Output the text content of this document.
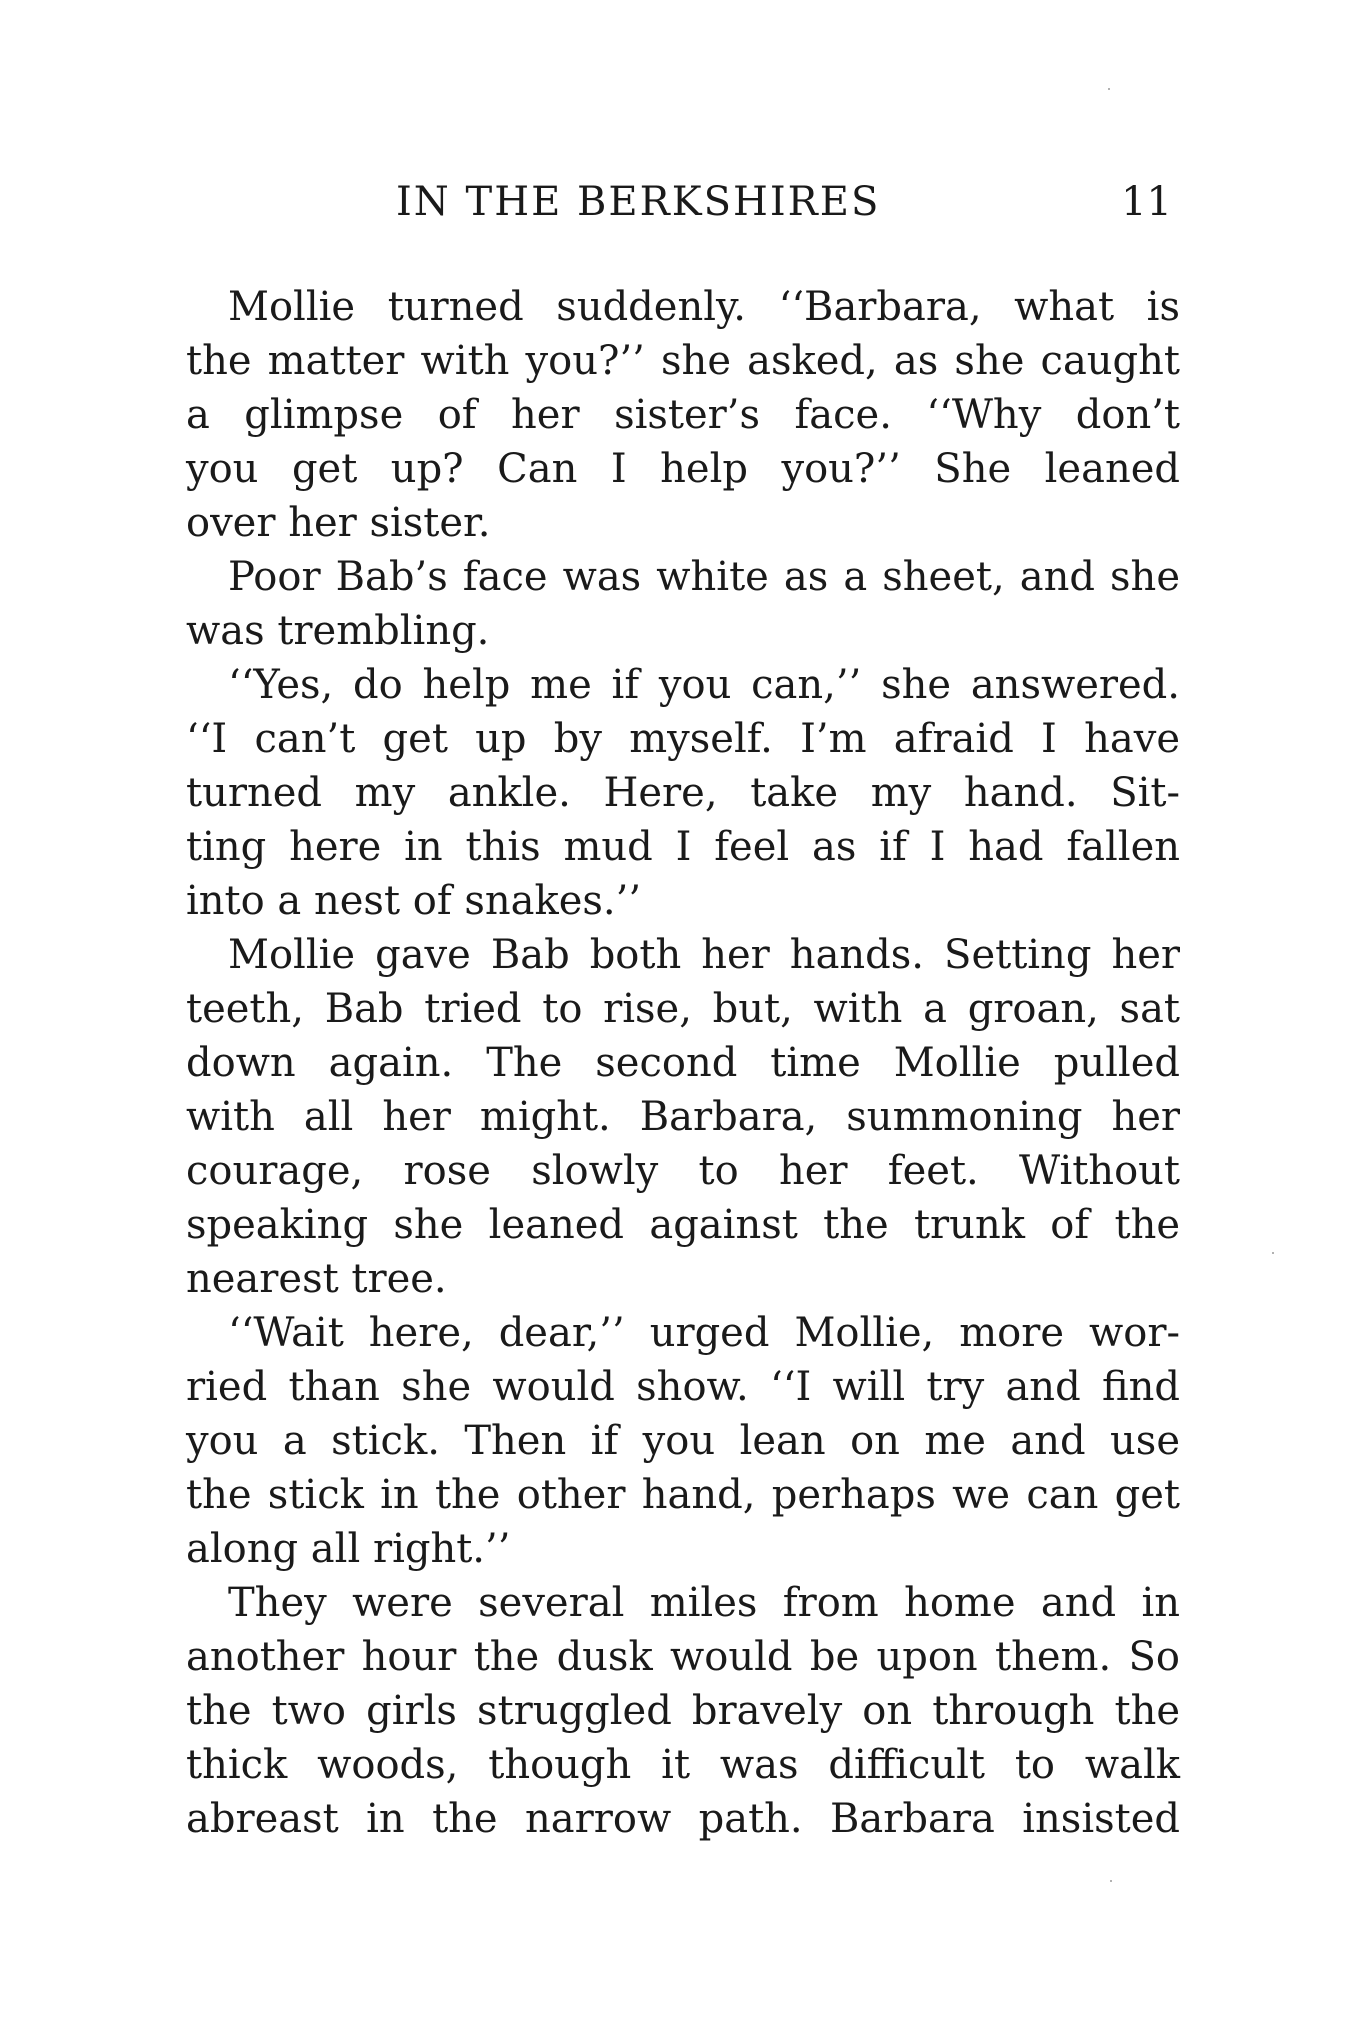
IN THE BERKSHIRES	11
Mollie turned suddenly. ‘‘Barbara, what is
the matter with you?’’ she asked, as she caught
a glimpse of her sister’s face. ‘‘Why don’t
you get up? Can I help you?’’ She leaned
over her sister.
Poor Bab’s face was white as a sheet, and she
was trembling.
‘‘Yes, do help me if you can,’’ she answered.
‘‘I can’t get up by myself. I’m afraid I have
turned my ankle. Here, take my hand. Sit-
ting here in this mud I feel as if I had fallen
into a nest of snakes.’’
Mollie gave Bab both her hands. Setting her
teeth, Bab tried to rise, but, with a groan, sat
down again. The second time Mollie pulled
with all her might. Barbara, summoning her
courage, rose slowly to her feet. Without
speaking she leaned against the trunk of the
nearest tree.
‘‘Wait here, dear,’’ urged Mollie, more wor-
ried than she would show. ‘‘I will try and find
you a stick. Then if you lean on me and use
the stick in the other hand, perhaps we can get
along all right.’’
They were several miles from home and in
another hour the dusk would be upon them. So
the two girls struggled bravely on through the
thick woods, though it was difficult to walk
abreast in the narrow path. Barbara insisted
